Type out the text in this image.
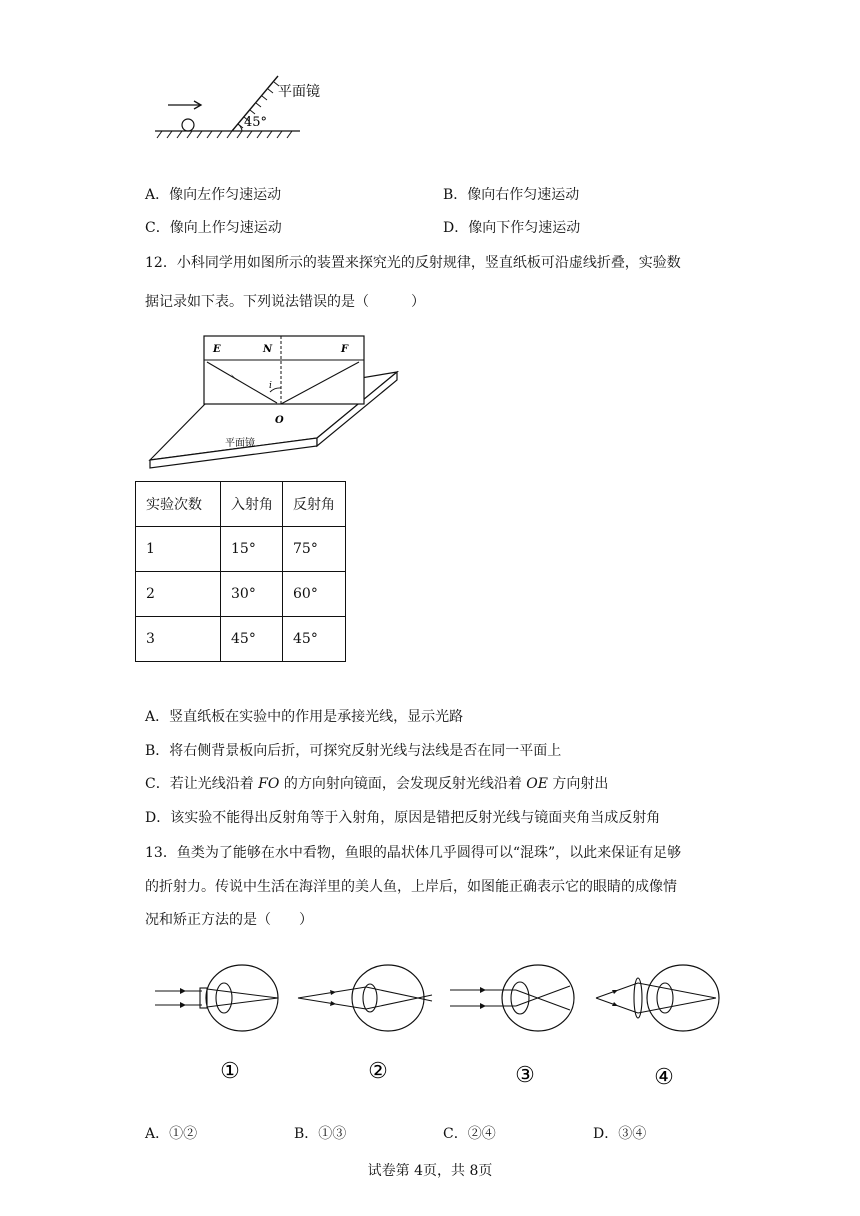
45°
平面镜
A．像向左作匀速运动	B．像向右作匀速运动
C．像向上作匀速运动	D．像向下作匀速运动
12．小科同学用如图所示的装置来探究光的反射规律，竖直纸板可沿虚线折叠，实验数
据记录如下表。下列说法错误的是（　　　）
E	N	F
i
O
平面镜
实验次数	入射角	反射角
1	15°	75°
2	30°	60°
3	45°	45°
A．竖直纸板在实验中的作用是承接光线，显示光路
B．将右侧背景板向后折，可探究反射光线与法线是否在同一平面上
C．若让光线沿着 FO 的方向射向镜面，会发现反射光线沿着 OE 方向射出
D．该实验不能得出反射角等于入射角，原因是错把反射光线与镜面夹角当成反射角
13．鱼类为了能够在水中看物，鱼眼的晶状体几乎圆得可以“混珠”，以此来保证有足够
的折射力。传说中生活在海洋里的美人鱼，上岸后，如图能正确表示它的眼睛的成像情
况和矫正方法的是（　　）
①	②	③	④
A．①②	B．①③	C．②④	D．③④
试卷第 4页，共 8页
